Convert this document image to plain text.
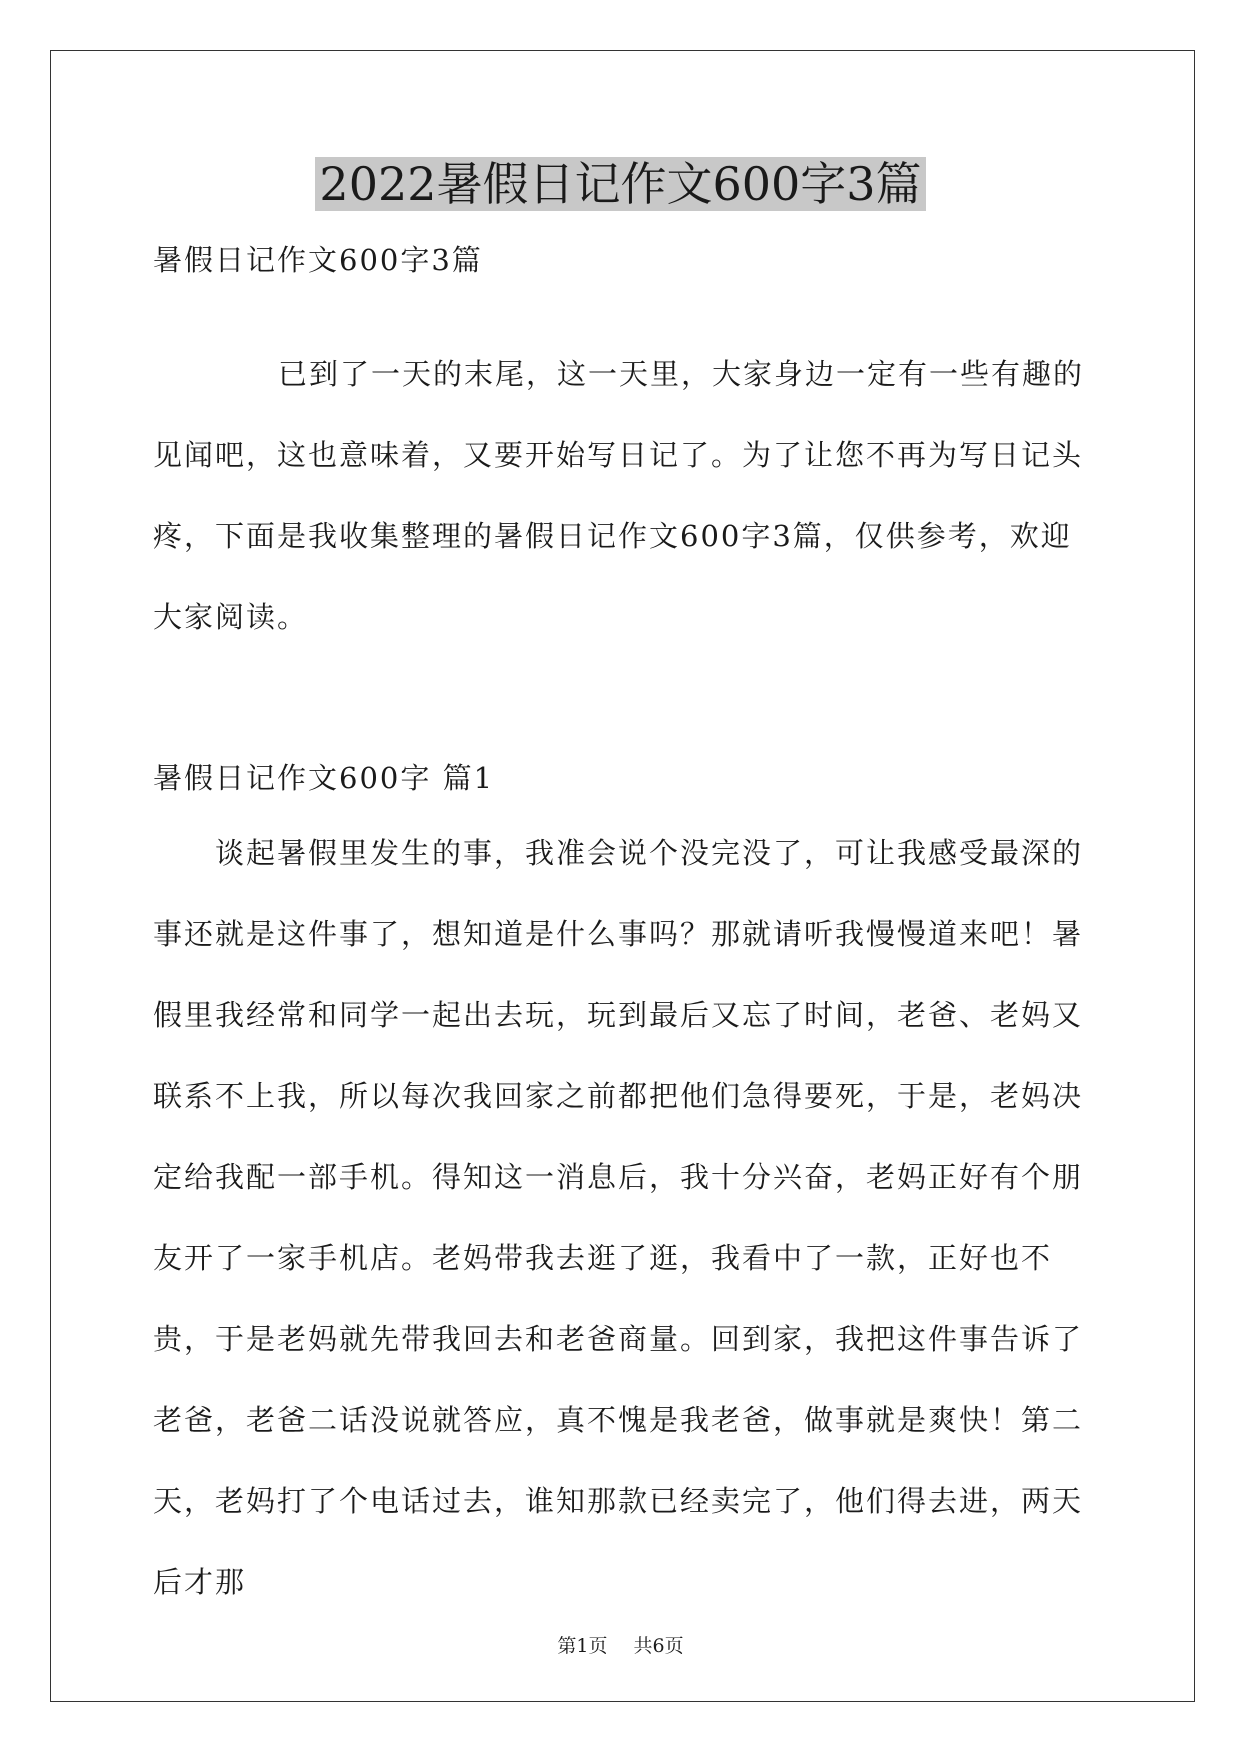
2022暑假日记作文600字3篇

暑假日记作文600字3篇

已到了一天的末尾，这一天里，大家身边一定有一些有趣的见闻吧，这也意味着，又要开始写日记了。为了让您不再为写日记头疼，下面是我收集整理的暑假日记作文600字3篇，仅供参考，欢迎大家阅读。

暑假日记作文600字 篇1

谈起暑假里发生的事，我准会说个没完没了，可让我感受最深的事还就是这件事了，想知道是什么事吗？那就请听我慢慢道来吧！暑假里我经常和同学一起出去玩，玩到最后又忘了时间，老爸、老妈又联系不上我，所以每次我回家之前都把他们急得要死，于是，老妈决定给我配一部手机。得知这一消息后，我十分兴奋，老妈正好有个朋友开了一家手机店。老妈带我去逛了逛，我看中了一款，正好也不贵，于是老妈就先带我回去和老爸商量。回到家，我把这件事告诉了老爸，老爸二话没说就答应，真不愧是我老爸，做事就是爽快！第二天，老妈打了个电话过去，谁知那款已经卖完了，他们得去进，两天后才那

第1页 共6页
